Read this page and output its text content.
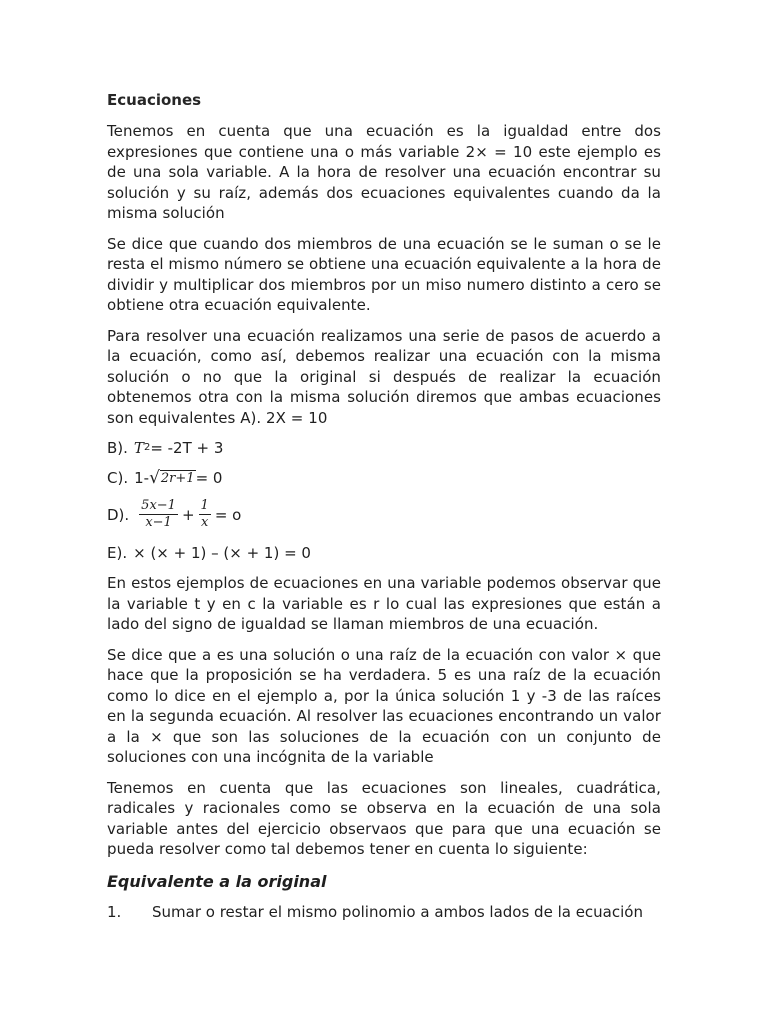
Ecuaciones

Tenemos en cuenta que una ecuación es la igualdad entre dos expresiones que contiene una o más variable 2× = 10 este ejemplo es de una sola variable. A la hora de resolver una ecuación encontrar su solución y su raíz, además dos ecuaciones equivalentes cuando da la misma solución

Se dice que cuando dos miembros de una ecuación se le suman o se le resta el mismo número se obtiene una ecuación equivalente a la hora de dividir y multiplicar dos miembros por un miso numero distinto a cero se obtiene otra ecuación equivalente.

Para resolver una ecuación realizamos una serie de pasos de acuerdo a la ecuación, como así, debemos realizar una ecuación con la misma solución o no que la original si después de realizar la ecuación obtenemos otra con la misma solución diremos que ambas ecuaciones son equivalentes A). 2X = 10

B). T 2 = -2T + 3
C). 1- √ 2r+1 = 0
D). $\frac{5x-1}{x-1} + \frac{1}{x} = o$
E). × (× + 1) – (× + 1) = 0

En estos ejemplos de ecuaciones en una variable podemos observar que la variable t y en c la variable es r lo cual las expresiones que están a lado del signo de igualdad se llaman miembros de una ecuación.

Se dice que a es una solución o una raíz de la ecuación con valor × que hace que la proposición se ha verdadera. 5 es una raíz de la ecuación como lo dice en el ejemplo a, por la única solución 1 y -3 de las raíces en la segunda ecuación. Al resolver las ecuaciones encontrando un valor a la × que son las soluciones de la ecuación con un conjunto de soluciones con una incógnita de la variable

Tenemos en cuenta que las ecuaciones son lineales, cuadrática, radicales y racionales como se observa en la ecuación de una sola variable antes del ejercicio observaos que para que una ecuación se pueda resolver como tal debemos tener en cuenta lo siguiente:

Equivalente a la original
1.	Sumar o restar el mismo polinomio a ambos lados de la ecuación
